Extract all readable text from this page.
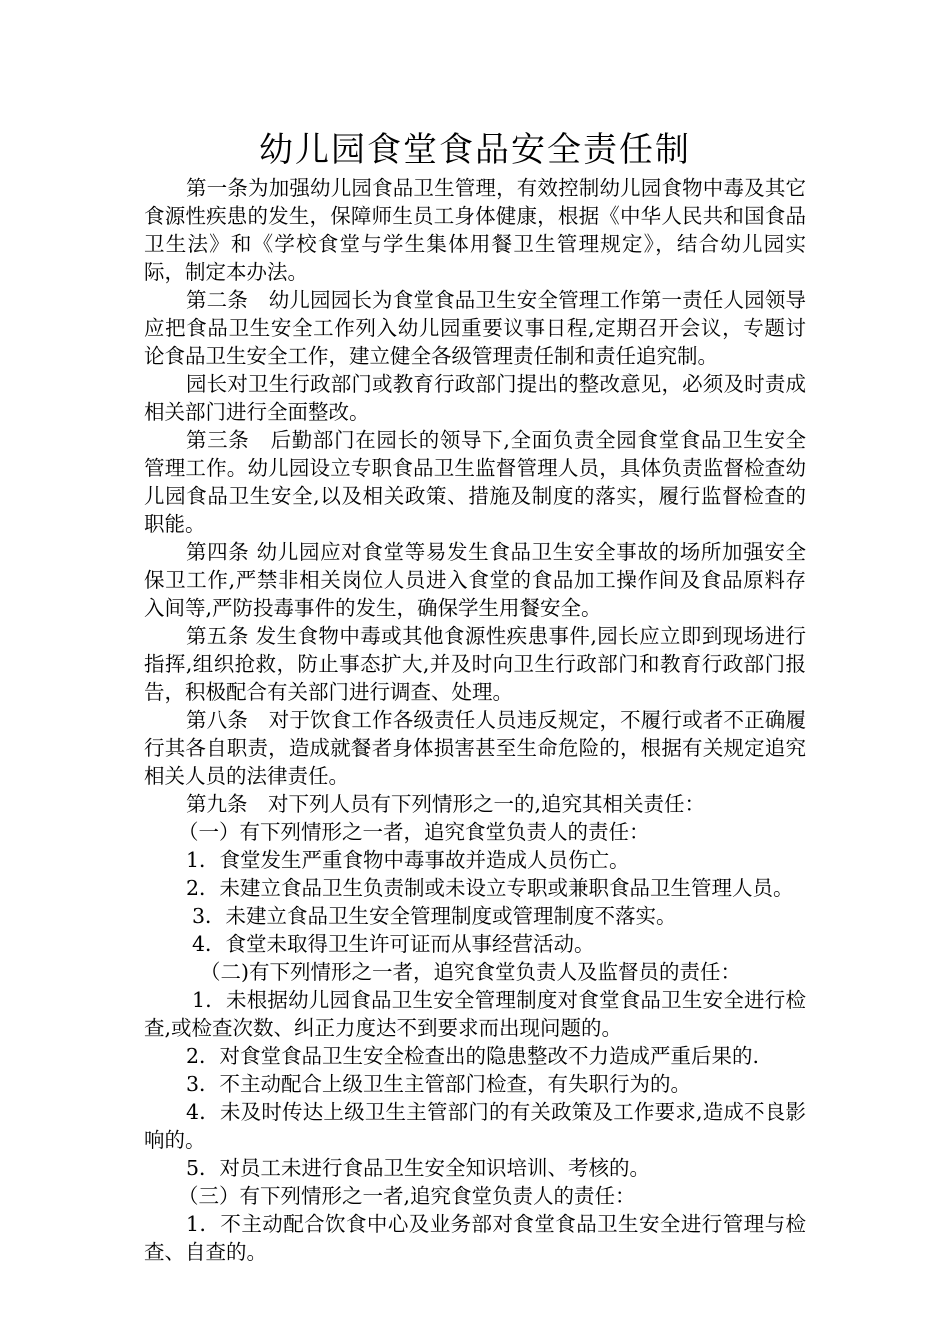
幼儿园食堂食品安全责任制

第一条为加强幼儿园食品卫生管理，有效控制幼儿园食物中毒及其它食源性疾患的发生，保障师生员工身体健康，根据《中华人民共和国食品卫生法》和《学校食堂与学生集体用餐卫生管理规定》，结合幼儿园实际，制定本办法。

第二条　幼儿园园长为食堂食品卫生安全管理工作第一责任人园领导应把食品卫生安全工作列入幼儿园重要议事日程,定期召开会议，专题讨论食品卫生安全工作，建立健全各级管理责任制和责任追究制。

园长对卫生行政部门或教育行政部门提出的整改意见，必须及时责成相关部门进行全面整改。

第三条　后勤部门在园长的领导下,全面负责全园食堂食品卫生安全管理工作。幼儿园设立专职食品卫生监督管理人员，具体负责监督检查幼儿园食品卫生安全,以及相关政策、措施及制度的落实，履行监督检查的职能。

第四条 幼儿园应对食堂等易发生食品卫生安全事故的场所加强安全保卫工作,严禁非相关岗位人员进入食堂的食品加工操作间及食品原料存入间等,严防投毒事件的发生，确保学生用餐安全。

第五条 发生食物中毒或其他食源性疾患事件,园长应立即到现场进行指挥,组织抢救，防止事态扩大,并及时向卫生行政部门和教育行政部门报告，积极配合有关部门进行调查、处理。

第八条　对于饮食工作各级责任人员违反规定，不履行或者不正确履行其各自职责，造成就餐者身体损害甚至生命危险的，根据有关规定追究相关人员的法律责任。

第九条　对下列人员有下列情形之一的,追究其相关责任：

（一）有下列情形之一者，追究食堂负责人的责任：

1．食堂发生严重食物中毒事故并造成人员伤亡。

2．未建立食品卫生负责制或未设立专职或兼职食品卫生管理人员。

3．未建立食品卫生安全管理制度或管理制度不落实。

4．食堂未取得卫生许可证而从事经营活动。

（二)有下列情形之一者，追究食堂负责人及监督员的责任：

1．未根据幼儿园食品卫生安全管理制度对食堂食品卫生安全进行检查,或检查次数、纠正力度达不到要求而出现问题的。

2．对食堂食品卫生安全检查出的隐患整改不力造成严重后果的.

3．不主动配合上级卫生主管部门检查，有失职行为的。

4．未及时传达上级卫生主管部门的有关政策及工作要求,造成不良影响的。

5．对员工未进行食品卫生安全知识培训、考核的。

（三）有下列情形之一者,追究食堂负责人的责任：

1．不主动配合饮食中心及业务部对食堂食品卫生安全进行管理与检查、自查的。
